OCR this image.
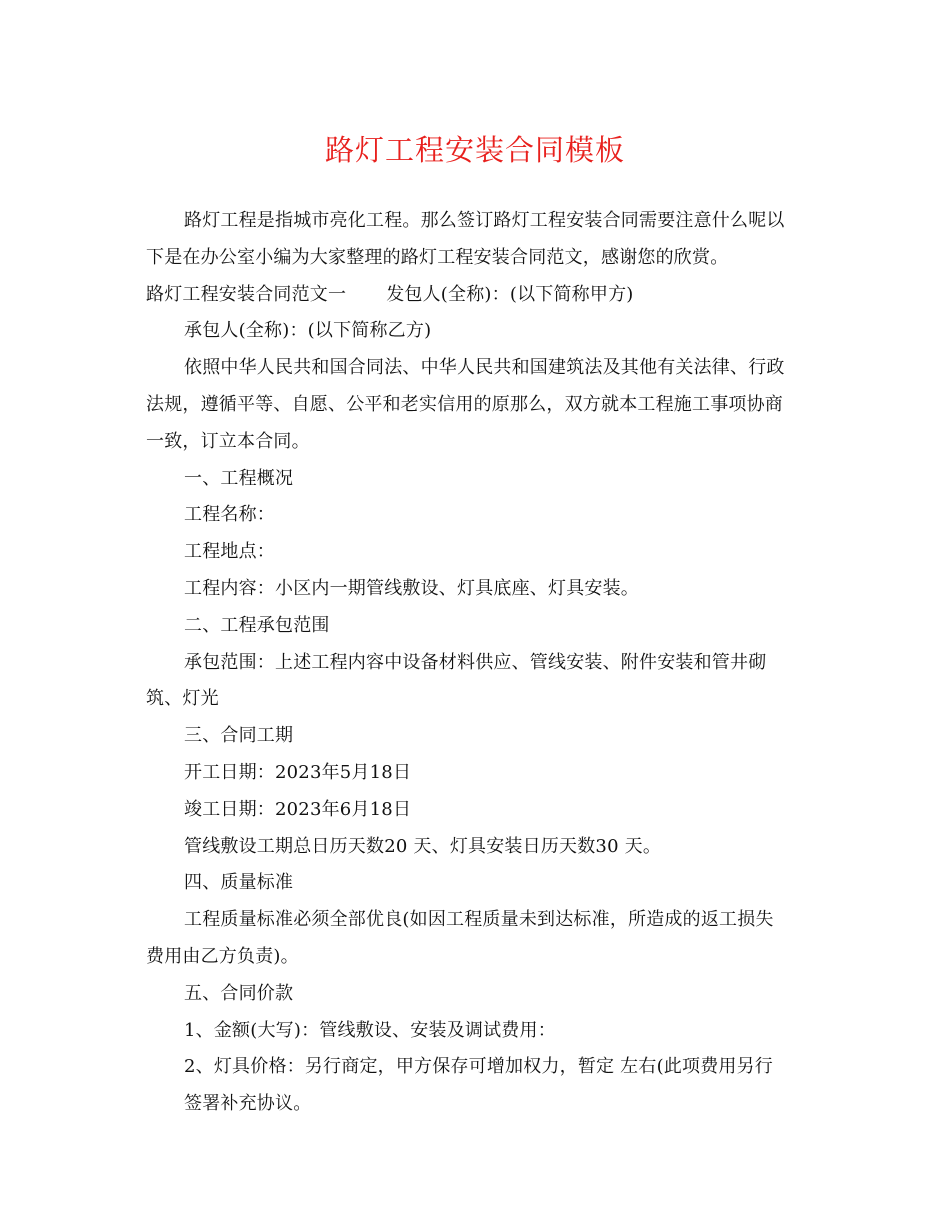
路灯工程安装合同模板

路灯工程是指城市亮化工程。那么签订路灯工程安装合同需要注意什么呢以

下是在办公室小编为大家整理的路灯工程安装合同范文，感谢您的欣赏。

路灯工程安装合同范文一 发包人(全称)：(以下简称甲方)

承包人(全称)：(以下简称乙方)

依照中华人民共和国合同法、中华人民共和国建筑法及其他有关法律、行政

法规，遵循平等、自愿、公平和老实信用的原那么，双方就本工程施工事项协商

一致，订立本合同。

一、工程概况

工程名称：

工程地点：

工程内容：小区内一期管线敷设、灯具底座、灯具安装。

二、工程承包范围

承包范围：上述工程内容中设备材料供应、管线安装、附件安装和管井砌

筑、灯光

三、合同工期

开工日期：2023年5月18日

竣工日期：2023年6月18日

管线敷设工期总日历天数20 天、灯具安装日历天数30 天。

四、质量标准

工程质量标准必须全部优良(如因工程质量未到达标准，所造成的返工损失

费用由乙方负责)。

五、合同价款

1、金额(大写)：管线敷设、安装及调试费用：

2、灯具价格：另行商定，甲方保存可增加权力，暂定 左右(此项费用另行

签署补充协议。
